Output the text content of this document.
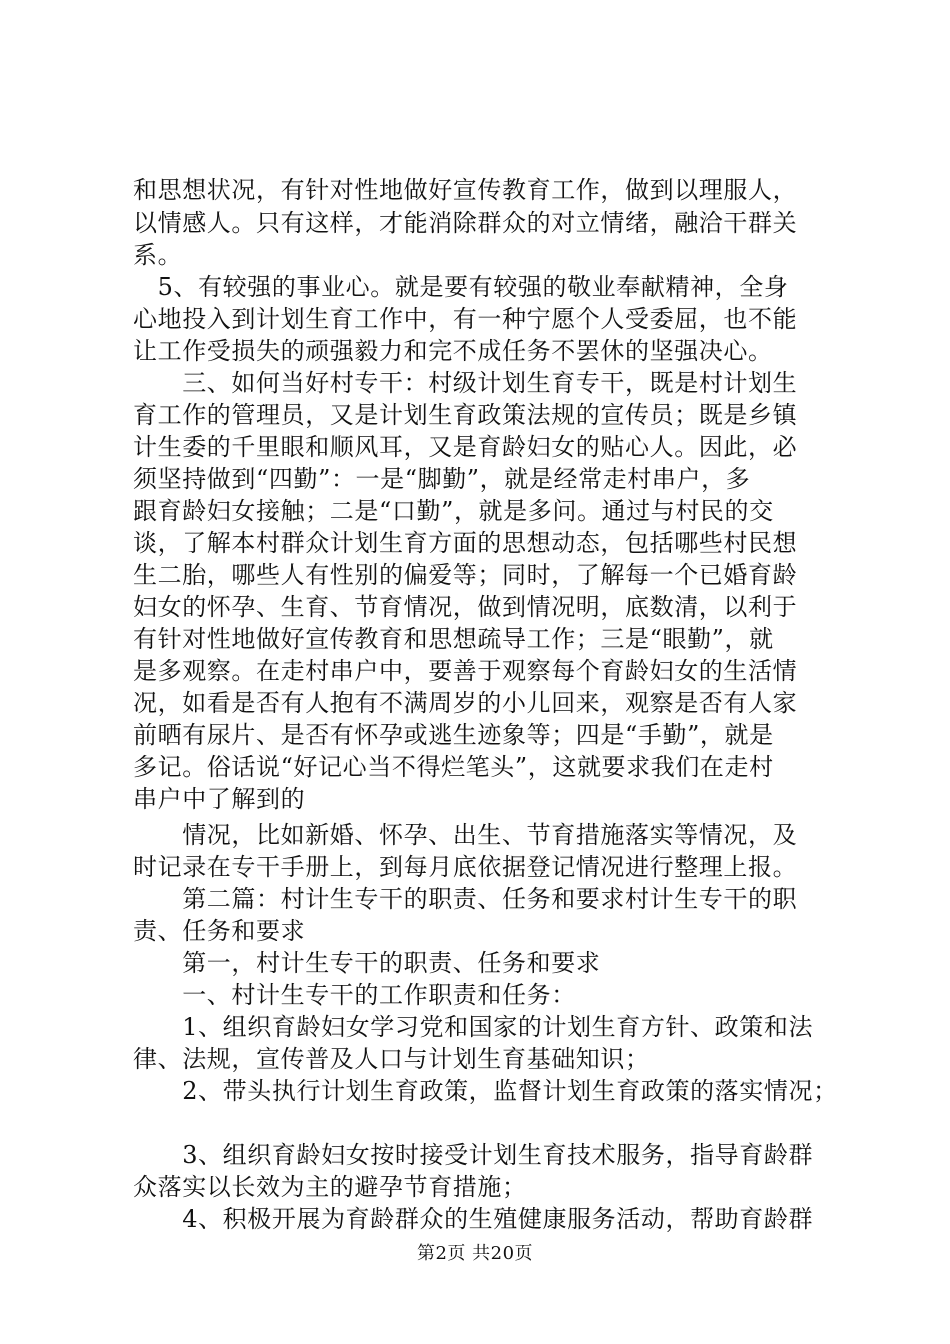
和思想状况，有针对性地做好宣传教育工作，做到以理服人，
以情感人。只有这样，才能消除群众的对立情绪，融洽干群关
系。
　5、有较强的事业心。就是要有较强的敬业奉献精神，全身
心地投入到计划生育工作中，有一种宁愿个人受委屈，也不能
让工作受损失的顽强毅力和完不成任务不罢休的坚强决心。
　　三、如何当好村专干：村级计划生育专干，既是村计划生
育工作的管理员，又是计划生育政策法规的宣传员；既是乡镇
计生委的千里眼和顺风耳，又是育龄妇女的贴心人。因此，必
须坚持做到“四勤”：一是“脚勤”，就是经常走村串户，多
跟育龄妇女接触；二是“口勤”，就是多问。通过与村民的交
谈，了解本村群众计划生育方面的思想动态，包括哪些村民想
生二胎，哪些人有性别的偏爱等；同时，了解每一个已婚育龄
妇女的怀孕、生育、节育情况，做到情况明，底数清，以利于
有针对性地做好宣传教育和思想疏导工作；三是“眼勤”，就
是多观察。在走村串户中，要善于观察每个育龄妇女的生活情
况，如看是否有人抱有不满周岁的小儿回来，观察是否有人家
前晒有尿片、是否有怀孕或逃生迹象等；四是“手勤”，就是
多记。俗话说“好记心当不得烂笔头”，这就要求我们在走村
串户中了解到的
　　情况，比如新婚、怀孕、出生、节育措施落实等情况，及
时记录在专干手册上，到每月底依据登记情况进行整理上报。
　　第二篇：村计生专干的职责、任务和要求村计生专干的职
责、任务和要求
　　第一，村计生专干的职责、任务和要求
　　一、村计生专干的工作职责和任务：
　　1、组织育龄妇女学习党和国家的计划生育方针、政策和法
律、法规，宣传普及人口与计划生育基础知识；
　　2、带头执行计划生育政策，监督计划生育政策的落实情况；
　　3、组织育龄妇女按时接受计划生育技术服务，指导育龄群
众落实以长效为主的避孕节育措施；
　　4、积极开展为育龄群众的生殖健康服务活动，帮助育龄群
第2页 共20页
